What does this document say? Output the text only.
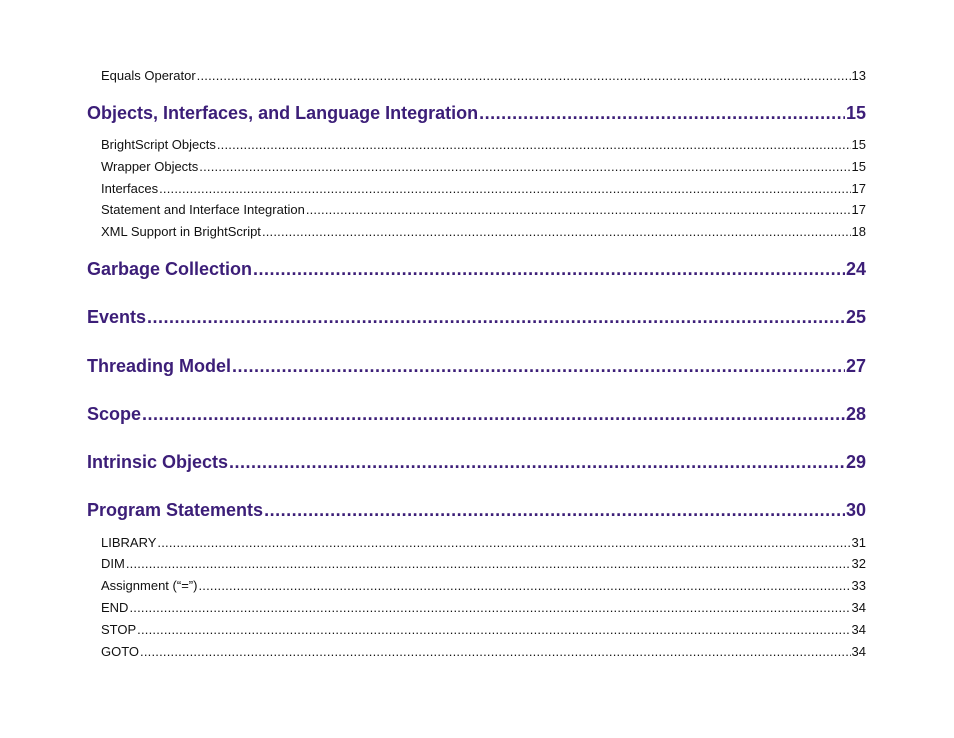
Equals Operator .....	13
Objects, Interfaces, and Language Integration .....	15
BrightScript Objects .....	15
Wrapper Objects .....	15
Interfaces .....	17
Statement and Interface Integration .....	17
XML Support in BrightScript .....	18
Garbage Collection .....	24
Events .....	25
Threading Model .....	27
Scope .....	28
Intrinsic Objects .....	29
Program Statements .....	30
LIBRARY .....	31
DIM .....	32
Assignment (“=”) .....	33
END .....	34
STOP .....	34
GOTO .....	34
